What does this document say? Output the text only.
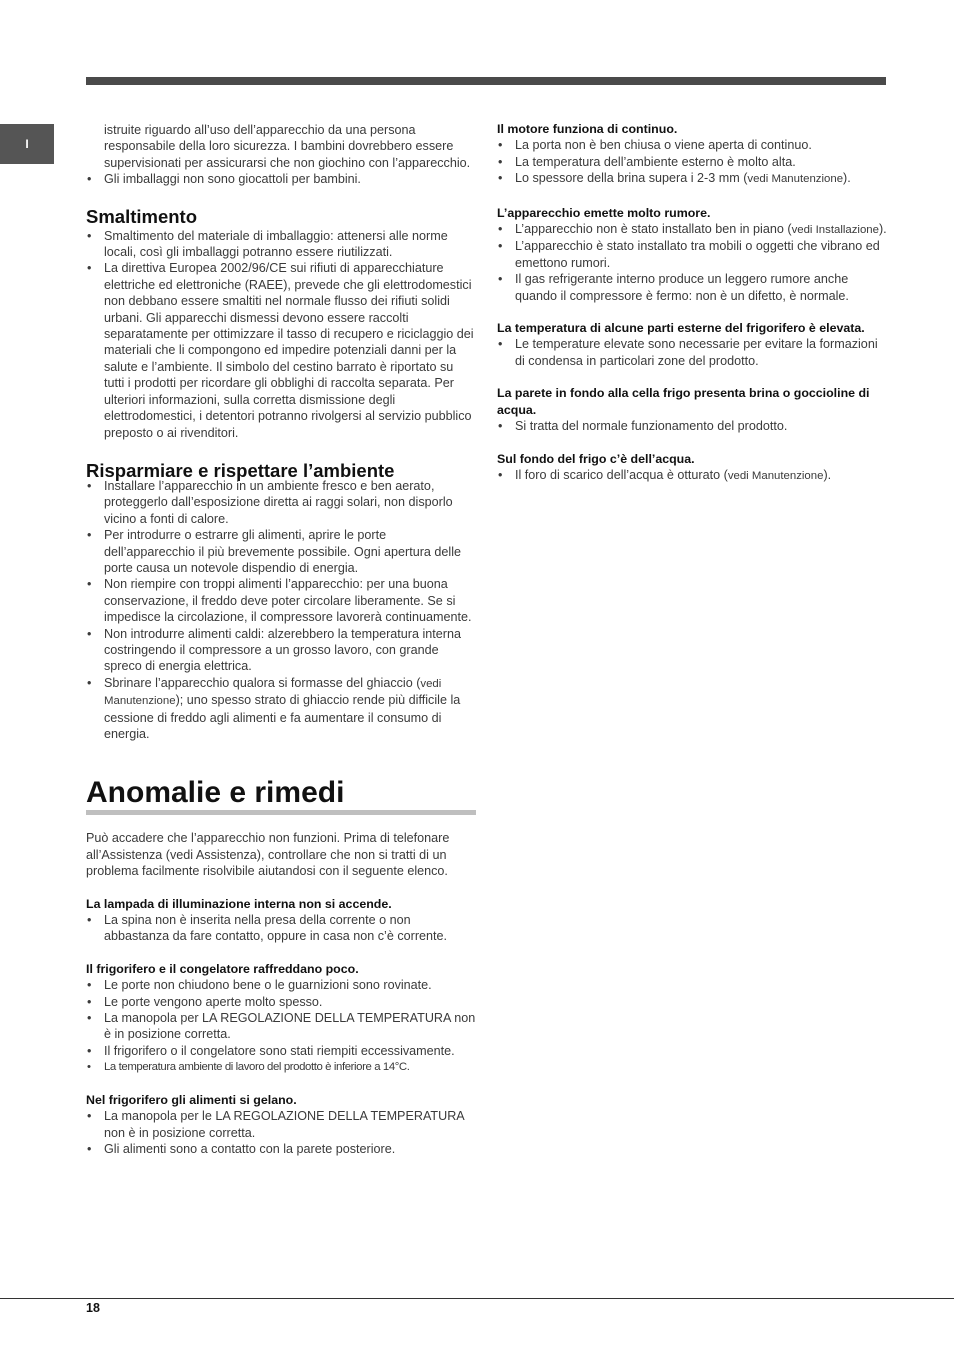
I
istruite riguardo all’uso dell’apparecchio da una persona responsabile della loro sicurezza. I bambini dovrebbero essere supervisionati per assicurarsi che non giochino con l’apparecchio.
• Gli imballaggi non sono giocattoli per bambini.
Smaltimento
• Smaltimento del materiale di imballaggio: attenersi alle norme locali, così gli imballaggi potranno essere riutilizzati.
• La direttiva Europea 2002/96/CE sui rifiuti di apparecchiature elettriche ed elettroniche (RAEE), prevede che gli elettrodomestici non debbano essere smaltiti nel normale flusso dei rifiuti solidi urbani. Gli apparecchi dismessi devono essere raccolti separatamente per ottimizzare il tasso di recupero e riciclaggio dei materiali che li compongono ed impedire potenziali danni per la salute e l’ambiente. Il simbolo del cestino barrato è riportato su tutti i prodotti per ricordare gli obblighi di raccolta separata. Per ulteriori informazioni, sulla corretta dismissione degli elettrodomestici, i detentori potranno rivolgersi al servizio pubblico preposto o ai rivenditori.
Risparmiare e rispettare l’ambiente
• Installare l’apparecchio in un ambiente fresco e ben aerato, proteggerlo dall’esposizione diretta ai raggi solari, non disporlo vicino a fonti di calore.
• Per introdurre o estrarre gli alimenti, aprire le porte dell’apparecchio il più brevemente possibile. Ogni apertura delle porte causa un notevole dispendio di energia.
• Non riempire con troppi alimenti l’apparecchio: per una buona conservazione, il freddo deve poter circolare liberamente. Se si impedisce la circolazione, il compressore lavorerà continuamente.
• Non introdurre alimenti caldi: alzerebbero la temperatura interna costringendo il compressore a un grosso lavoro, con grande spreco di energia elettrica.
• Sbrinare l’apparecchio qualora si formasse del ghiaccio (vedi Manutenzione); uno spesso strato di ghiaccio rende più difficile la cessione di freddo agli alimenti e fa aumentare il consumo di energia.
Anomalie e rimedi

Può accadere che l’apparecchio non funzioni. Prima di telefonare all’Assistenza (vedi Assistenza), controllare che non si tratti di un problema facilmente risolvibile aiutandosi con il seguente elenco.

La lampada di illuminazione interna non si accende.

• La spina non è inserita nella presa della corrente o non abbastanza da fare contatto, oppure in casa non c’è corrente.

Il frigorifero e il congelatore raffreddano poco.

• Le porte non chiudono bene o le guarnizioni sono rovinate.
• Le porte vengono aperte molto spesso.
• La manopola per LA REGOLAZIONE DELLA TEMPERATURA non è in posizione corretta.
• Il frigorifero o il congelatore sono stati riempiti eccessivamente.
• La temperatura ambiente di lavoro del prodotto è inferiore a 14°C.

Nel frigorifero gli alimenti si gelano.

• La manopola per le LA REGOLAZIONE DELLA TEMPERATURA non è in posizione corretta.
• Gli alimenti sono a contatto con la parete posteriore.

Il motore funziona di continuo.

• La porta non è ben chiusa o viene aperta di continuo.
• La temperatura dell’ambiente esterno è molto alta.
• Lo spessore della brina supera i 2-3 mm (vedi Manutenzione).

L’apparecchio emette molto rumore.

• L’apparecchio non è stato installato ben in piano (vedi Installazione).
• L’apparecchio è stato installato tra mobili o oggetti che vibrano ed emettono rumori.
• Il gas refrigerante interno produce un leggero rumore anche quando il compressore è fermo: non è un difetto, è normale.

La temperatura di alcune parti esterne del frigorifero è elevata.

• Le temperature elevate sono necessarie per evitare la formazioni di condensa in particolari zone del prodotto.

La parete in fondo alla cella frigo presenta brina o goccioline di acqua.

• Si tratta del normale funzionamento del prodotto.

Sul fondo del frigo c’è dell’acqua.

• Il foro di scarico dell’acqua è otturato (vedi Manutenzione).
18
